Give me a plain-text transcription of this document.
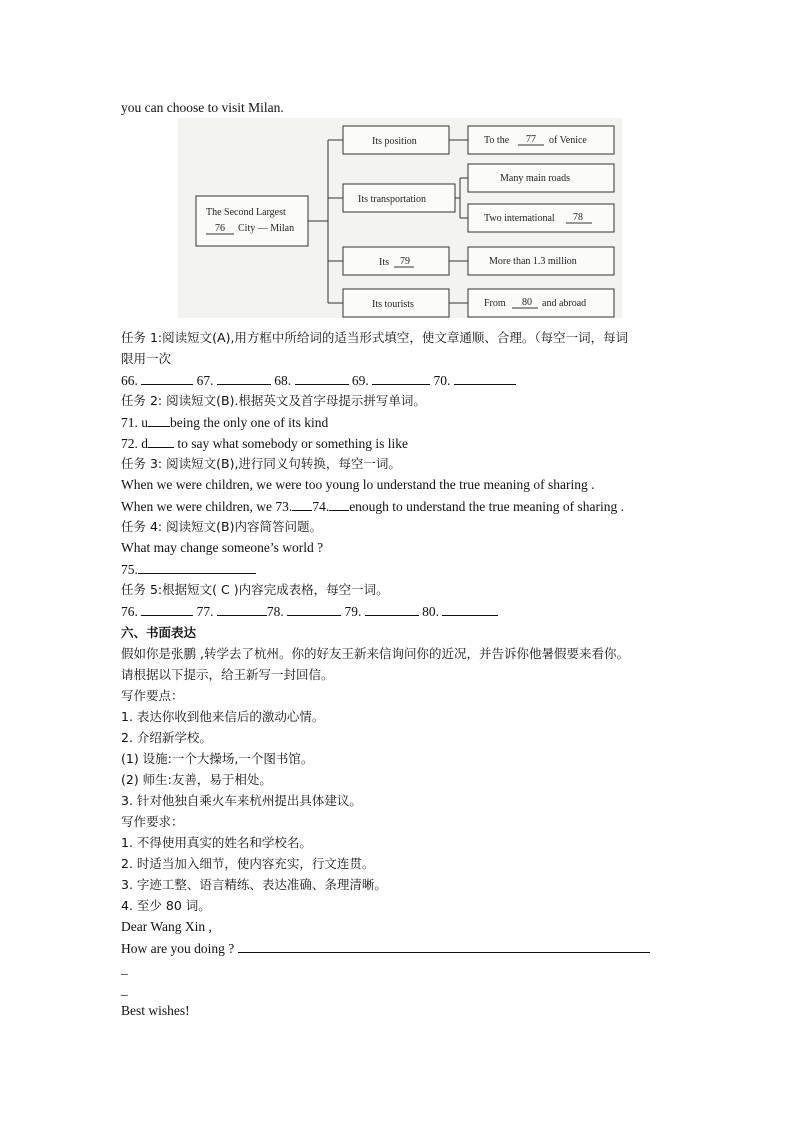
you can choose to visit Milan.
The Second Largest
76 City — Milan
Its position
Its transportation
Its 79
Its tourists
To the 77 of Venice
Many main roads
Two international 78
More than 1.3 million
From 80 and abroad
任务 1:阅读短文(A),用方框中所给词的适当形式填空，使文章通顺、合理。（每空一词，每词
限用一次
66.	67.	68.	69.	70.
任务 2: 阅读短文(B).根据英文及首字母提示拼写单词。
71. u being the only one of its kind
72. d to say what somebody or something is like
任务 3: 阅读短文(B),进行同义句转换，每空一词。
When we were children, we were too young lo understand the true meaning of sharing .
When we were children, we 73. 74. enough to understand the true meaning of sharing .
任务 4: 阅读短文(B)内容简答问题。
What may change someone’s world ?
75.
任务 5:根据短文( C )内容完成表格，每空一词。
76.	77.	78.	79.	80.
六、书面表达
假如你是张鹏 ,转学去了杭州。你的好友王新来信询问你的近况，并告诉你他暑假要来看你。
请根据以下提示，给王新写一封回信。
写作要点：
1. 表达你收到他来信后的激动心情。
2. 介绍新学校。
(1) 设施:一个大操场,一个图书馆。
(2) 师生:友善，易于相处。
3. 针对他独自乘火车来杭州提出具体建议。
写作要求：
1. 不得使用真实的姓名和学校名。
2. 时适当加入细节，使内容充实，行文连贯。
3. 字迹工整、语言精练、表达准确、条理清晰。
4. 至少 80 词。
Dear Wang Xin ,
How are you doing ?
_
_
Best wishes!
